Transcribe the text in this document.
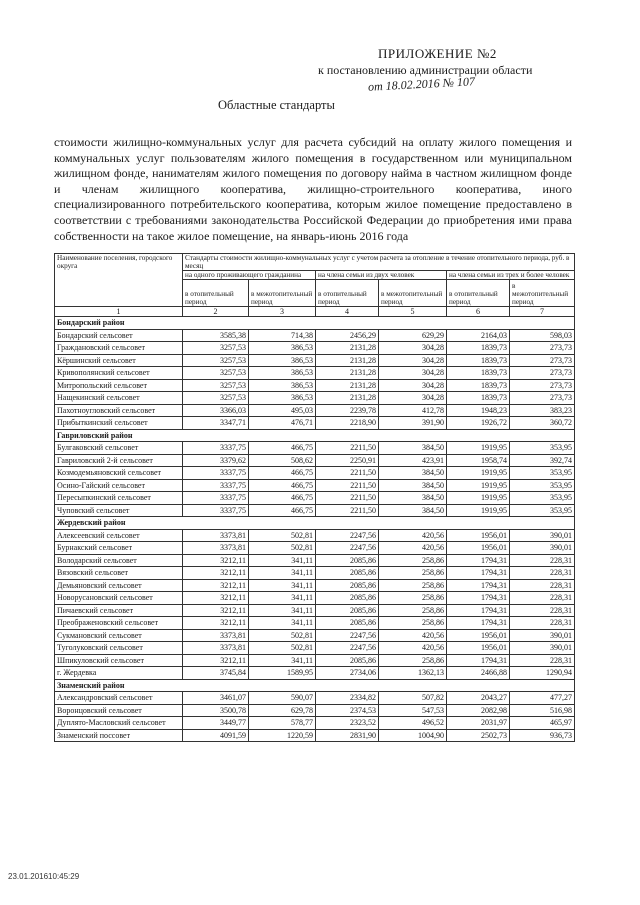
ПРИЛОЖЕНИЕ №2
к постановлению администрации области
от 18.02.2016 № 107
Областные стандарты
стоимости жилищно-коммунальных услуг для расчета субсидий на оплату жилого помещения и коммунальных услуг пользователям жилого помещения в государственном или муниципальном жилищном фонде, нанимателям жилого помещения по договору найма в частном жилищном фонде и членам жилищного кооператива, жилищно-строительного кооператива, иного специализированного потребительского кооператива, которым жилое помещение предоставлено в соответствии с требованиями законодательства Российской Федерации до приобретения ими права собственности на такое жилое помещение, на январь-июнь 2016 года
Наименование поселения, городского округа	Стандарты стоимости жилищно-коммунальных услуг с учетом расчета за отопление в течение отопительного периода, руб. в месяц					
	на одного проживающего гражданина		на члена семьи из двух человек		на члена семьи из трех и более человек	
	в отопительный период	в межотопительный период	в отопительный период	в межотопительный период	в отопительный период	в межотопительный период
1	2	3	4	5	6	7
Бондарский район						
Бондарский сельсовет	3585,38	714,38	2456,29	629,29	2164,03	598,03
Граждановский сельсовет	3257,53	386,53	2131,28	304,28	1839,73	273,73
Кёршинский сельсовет	3257,53	386,53	2131,28	304,28	1839,73	273,73
Кривополянский сельсовет	3257,53	386,53	2131,28	304,28	1839,73	273,73
Митропольский сельсовет	3257,53	386,53	2131,28	304,28	1839,73	273,73
Нащекинский сельсовет	3257,53	386,53	2131,28	304,28	1839,73	273,73
Пахотноугловский сельсовет	3366,03	495,03	2239,78	412,78	1948,23	383,23
Прибыткинский сельсовет	3347,71	476,71	2218,90	391,90	1926,72	360,72
Гавриловский район						
Булгаковский сельсовет	3337,75	466,75	2211,50	384,50	1919,95	353,95
Гавриловский 2-й сельсовет	3379,62	508,62	2250,91	423,91	1958,74	392,74
Козмодемьяновский сельсовет	3337,75	466,75	2211,50	384,50	1919,95	353,95
Осино-Гайский сельсовет	3337,75	466,75	2211,50	384,50	1919,95	353,95
Пересыпкинский сельсовет	3337,75	466,75	2211,50	384,50	1919,95	353,95
Чуповский сельсовет	3337,75	466,75	2211,50	384,50	1919,95	353,95
Жердевский район						
Алексеевский сельсовет	3373,81	502,81	2247,56	420,56	1956,01	390,01
Бурнакский сельсовет	3373,81	502,81	2247,56	420,56	1956,01	390,01
Володарский сельсовет	3212,11	341,11	2085,86	258,86	1794,31	228,31
Вязовский сельсовет	3212,11	341,11	2085,86	258,86	1794,31	228,31
Демьяновский сельсовет	3212,11	341,11	2085,86	258,86	1794,31	228,31
Новорусановский сельсовет	3212,11	341,11	2085,86	258,86	1794,31	228,31
Пичаевский сельсовет	3212,11	341,11	2085,86	258,86	1794,31	228,31
Преображеновский сельсовет	3212,11	341,11	2085,86	258,86	1794,31	228,31
Сукмановский сельсовет	3373,81	502,81	2247,56	420,56	1956,01	390,01
Туголуковский сельсовет	3373,81	502,81	2247,56	420,56	1956,01	390,01
Шпикуловский сельсовет	3212,11	341,11	2085,86	258,86	1794,31	228,31
г. Жердевка	3745,84	1589,95	2734,06	1362,13	2466,88	1290,94
Знаменский район						
Александровский сельсовет	3461,07	590,07	2334,82	507,82	2043,27	477,27
Воронцовский сельсовет	3500,78	629,78	2374,53	547,53	2082,98	516,98
Дуплято-Масловский сельсовет	3449,77	578,77	2323,52	496,52	2031,97	465,97
Знаменский поссовет	4091,59	1220,59	2831,90	1004,90	2502,73	936,73
23.01.201610:45:29
